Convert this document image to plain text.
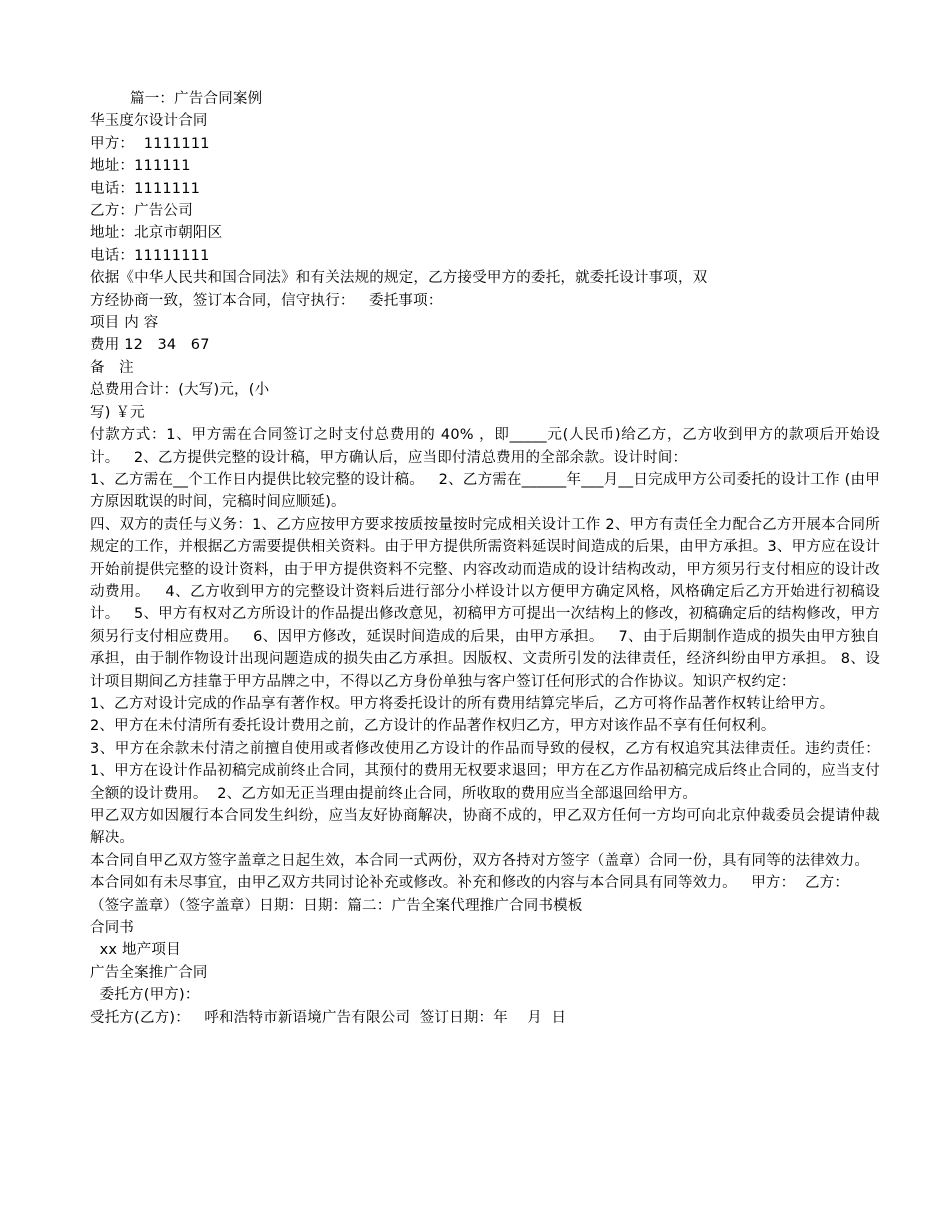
篇一：广告合同案例
华玉度尔设计合同
甲方：  1111111
地址：111111
电话：1111111
乙方：广告公司
地址：北京市朝阳区
电话：11111111
依据《中华人民共和国合同法》和有关法规的规定，乙方接受甲方的委托，就委托设计事项，双
方经协商一致，签订本合同，信守执行：   委托事项：
项目 内 容
费用 12   34   67
备   注
总费用合计：(大写)元，(小
写) ￥元
付款方式：1、甲方需在合同签订之时支付总费用的 40% ，即_____元(人民币)给乙方，乙方收到甲方的款项后开始设计。   2、乙方提供完整的设计稿，甲方确认后，应当即付清总费用的全部余款。设计时间：
1、乙方需在__个工作日内提供比较完整的设计稿。   2、乙方需在______年___月__日完成甲方公司委托的设计工作 (由甲方原因耽误的时间，完稿时间应顺延)。
四、双方的责任与义务：1、乙方应按甲方要求按质按量按时完成相关设计工作 2、甲方有责任全力配合乙方开展本合同所规定的工作，并根据乙方需要提供相关资料。由于甲方提供所需资料延误时间造成的后果，由甲方承担。3、甲方应在设计开始前提供完整的设计资料，由于甲方提供资料不完整、内容改动而造成的设计结构改动，甲方须另行支付相应的设计改动费用。   4、乙方收到甲方的完整设计资料后进行部分小样设计以方便甲方确定风格，风格确定后乙方开始进行初稿设计。   5、甲方有权对乙方所设计的作品提出修改意见，初稿甲方可提出一次结构上的修改，初稿确定后的结构修改，甲方须另行支付相应费用。   6、因甲方修改，延误时间造成的后果，由甲方承担。   7、由于后期制作造成的损失由甲方独自承担，由于制作物设计出现问题造成的损失由乙方承担。因版权、文责所引发的法律责任，经济纠纷由甲方承担。 8、设计项目期间乙方挂靠于甲方品牌之中，不得以乙方身份单独与客户签订任何形式的合作协议。知识产权约定：
1、乙方对设计完成的作品享有著作权。甲方将委托设计的所有费用结算完毕后，乙方可将作品著作权转让给甲方。
2、甲方在未付清所有委托设计费用之前，乙方设计的作品著作权归乙方，甲方对该作品不享有任何权利。
3、甲方在余款未付清之前擅自使用或者修改使用乙方设计的作品而导致的侵权，乙方有权追究其法律责任。违约责任：  1、甲方在设计作品初稿完成前终止合同，其预付的费用无权要求退回；甲方在乙方作品初稿完成后终止合同的，应当支付全额的设计费用。  2、乙方如无正当理由提前终止合同，所收取的费用应当全部退回给甲方。
甲乙双方如因履行本合同发生纠纷，应当友好协商解决，协商不成的，甲乙双方任何一方均可向北京仲裁委员会提请仲裁解决。
本合同自甲乙双方签字盖章之日起生效，本合同一式两份，双方各持对方签字（盖章）合同一份，具有同等的法律效力。
本合同如有未尽事宜，由甲乙双方共同讨论补充或修改。补充和修改的内容与本合同具有同等效力。   甲方：  乙方：
（签字盖章）（签字盖章）日期：日期：篇二：广告全案代理推广合同书模板
合同书
xx 地产项目
广告全案推广合同
委托方(甲方)：
受托方(乙方)：   呼和浩特市新语境广告有限公司  签订日期：年    月  日
